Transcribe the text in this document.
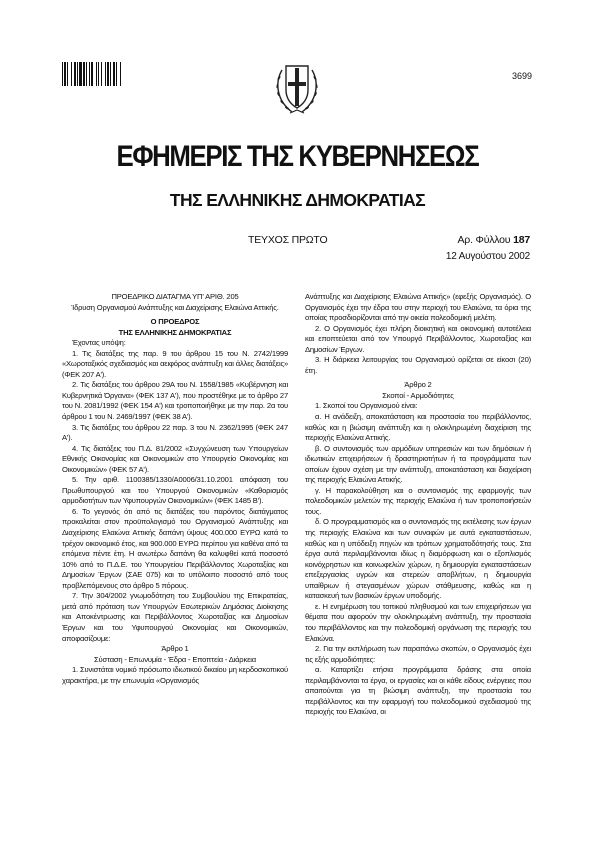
3699
ΕΦΗΜΕΡΙΣ ΤΗΣ ΚΥΒΕΡΝΗΣΕΩΣ
ΤΗΣ ΕΛΛΗΝΙΚΗΣ ΔΗΜΟΚΡΑΤΙΑΣ
ΤΕΥΧΟΣ ΠΡΩΤΟ	Αρ. Φύλλου 187
12 Αυγούστου 2002

ΠΡΟΕΔΡΙΚΟ ΔΙΑΤΑΓΜΑ ΥΠ' ΑΡΙΘ. 205

Ίδρυση Οργανισμού Ανάπτυξης και Διαχείρισης Ελαιώνα Αττικής.

Ο ΠΡΟΕΔΡΟΣ

ΤΗΣ ΕΛΛΗΝΙΚΗΣ ΔΗΜΟΚΡΑΤΙΑΣ

Έχοντας υπόψη:

1. Τις διατάξεις της παρ. 9 του άρθρου 15 του Ν. 2742/1999 «Χωροταξικός σχεδιασμός και αειφόρος ανάπτυξη και άλλες διατάξεις» (ΦΕΚ 207 Α').

2. Τις διατάξεις του άρθρου 29Α του Ν. 1558/1985 «Κυβέρνηση και Κυβερνητικά Όργανα» (ΦΕΚ 137 Α'), που προστέθηκε με το άρθρο 27 του Ν. 2081/1992 (ΦΕΚ 154 Α') και τροποποιήθηκε με την παρ. 2α του άρθρου 1 του Ν. 2469/1997 (ΦΕΚ 38 Α').

3. Τις διατάξεις του άρθρου 22 παρ. 3 του Ν. 2362/1995 (ΦΕΚ 247 Α').

4. Τις διατάξεις του Π.Δ. 81/2002 «Συγχώνευση των Υπουργείων Εθνικής Οικονομίας και Οικονομικών στο Υπουργείο Οικονομίας και Οικονομικών» (ΦΕΚ 57 Α').

5. Την αριθ. 1100385/1330/Α0006/31.10.2001 απόφαση του Πρωθυπουργού και του Υπουργού Οικονομικών «Καθορισμός αρμοδιοτήτων των Υφυπουργών Οικονομικών» (ΦΕΚ 1485 Β').

6. Το γεγονός ότι από τις διατάξεις του παρόντος διατάγματος προκαλείται στον προϋπολογισμό του Οργανισμού Ανάπτυξης και Διαχείρισης Ελαιώνα Αττικής δαπάνη ύψους 400.000 ΕΥΡΩ κατά το τρέχον οικονομικό έτος, και 900.000 ΕΥΡΩ περίπου για καθένα από τα επόμενα πέντε έτη. Η ανωτέρω δαπάνη θα καλυφθεί κατά ποσοστό 10% από το Π.Δ.Ε. του Υπουργείου Περιβάλλοντος Χωροταξίας και Δημοσίων Έργων (ΣΑΕ 075) και το υπόλοιπο ποσοστό από τους προβλεπόμενους στο άρθρο 5 πόρους.

7. Την 304/2002 γνωμοδότηση του Συμβουλίου της Επικρατείας, μετά από πρόταση των Υπουργών Εσωτερικών Δημόσιας Διοίκησης και Αποκέντρωσης και Περιβάλλοντος Χωροταξίας και Δημοσίων Έργων και του Υφυπουργού Οικονομίας και Οικονομικών, αποφασίζουμε:

Άρθρο 1

Σύσταση - Επωνυμία - Έδρα - Εποπτεία - Διάρκεια

1. Συνιστάται νομικό πρόσωπο ιδιωτικού δικαίου μη κερδοσκοπικού χαρακτήρα, με την επωνυμία «Οργανισμός

Ανάπτυξης και Διαχείρισης Ελαιώνα Αττικής» (εφεξής Οργανισμός). Ο Οργανισμός έχει την έδρα του στην περιοχή του Ελαιώνα, τα όρια της οποίας προσδιορίζονται από την οικεία πολεοδομική μελέτη.

2. Ο Οργανισμός έχει πλήρη διοικητική και οικονομική αυτοτέλεια και εποπτεύεται από τον Υπουργό Περιβάλλοντος, Χωροταξίας και Δημοσίων Έργων.

3. Η διάρκεια λειτουργίας του Οργανισμού ορίζεται σε είκοσι (20) έτη.

Άρθρο 2

Σκοποί - Αρμοδιότητες

1. Σκοποί του Οργανισμού είναι:

α. Η ανάδειξη, αποκατάσταση και προστασία του περιβάλλοντος, καθώς και η βιώσιμη ανάπτυξη και η ολοκληρωμένη διαχείριση της περιοχής Ελαιώνα Αττικής.

β. Ο συντονισμός των αρμόδιων υπηρεσιών και των δημόσιων ή ιδιωτικών επιχειρήσεων ή δραστηριοτήτων ή τα προγράμματα των οποίων έχουν σχέση με την ανάπτυξη, αποκατάσταση και διαχείριση της περιοχής Ελαιώνα Αττικής.

γ. Η παρακολούθηση και ο συντονισμός της εφαρμογής των πολεοδομικών μελετών της περιοχής Ελαιώνα ή των τροποποιήσεών τους.

δ. Ο προγραμματισμός και ο συντονισμός της εκτέλεσης των έργων της περιοχής Ελαιώνα και των συναφών με αυτά εγκαταστάσεων, καθώς και η υπόδειξη πηγών και τρόπων χρηματοδότησής τους. Στα έργα αυτά περιλαμβάνονται ιδίως η διαμόρφωση και ο εξοπλισμός κοινόχρηστων και κοινωφελών χώρων, η δημιουργία εγκαταστάσεων επεξεργασίας υγρών και στερεών αποβλήτων, η δημιουργία υπαίθριων ή στεγασμένων χώρων στάθμευσης, καθώς και η κατασκευή των βασικών έργων υποδομής.

ε. Η ενημέρωση του τοπικού πληθυσμού και των επιχειρήσεων για θέματα που αφορούν την ολοκληρωμένη ανάπτυξη, την προστασία του περιβάλλοντος και την πολεοδομική οργάνωση της περιοχής του Ελαιώνα.

2. Για την εκπλήρωση των παραπάνω σκοπών, ο Οργανισμός έχει τις εξής αρμοδιότητες:

α. Καταρτίζει ετήσια προγράμματα δράσης στα οποία περιλαμβάνονται τα έργα, οι εργασίες και οι κάθε είδους ενέργειες που απαιτούνται για τη βιώσιμη ανάπτυξη, την προστασία του περιβάλλοντος και την εφαρμογή του πολεοδομικού σχεδιασμού της περιοχής του Ελαιώνα, οι
